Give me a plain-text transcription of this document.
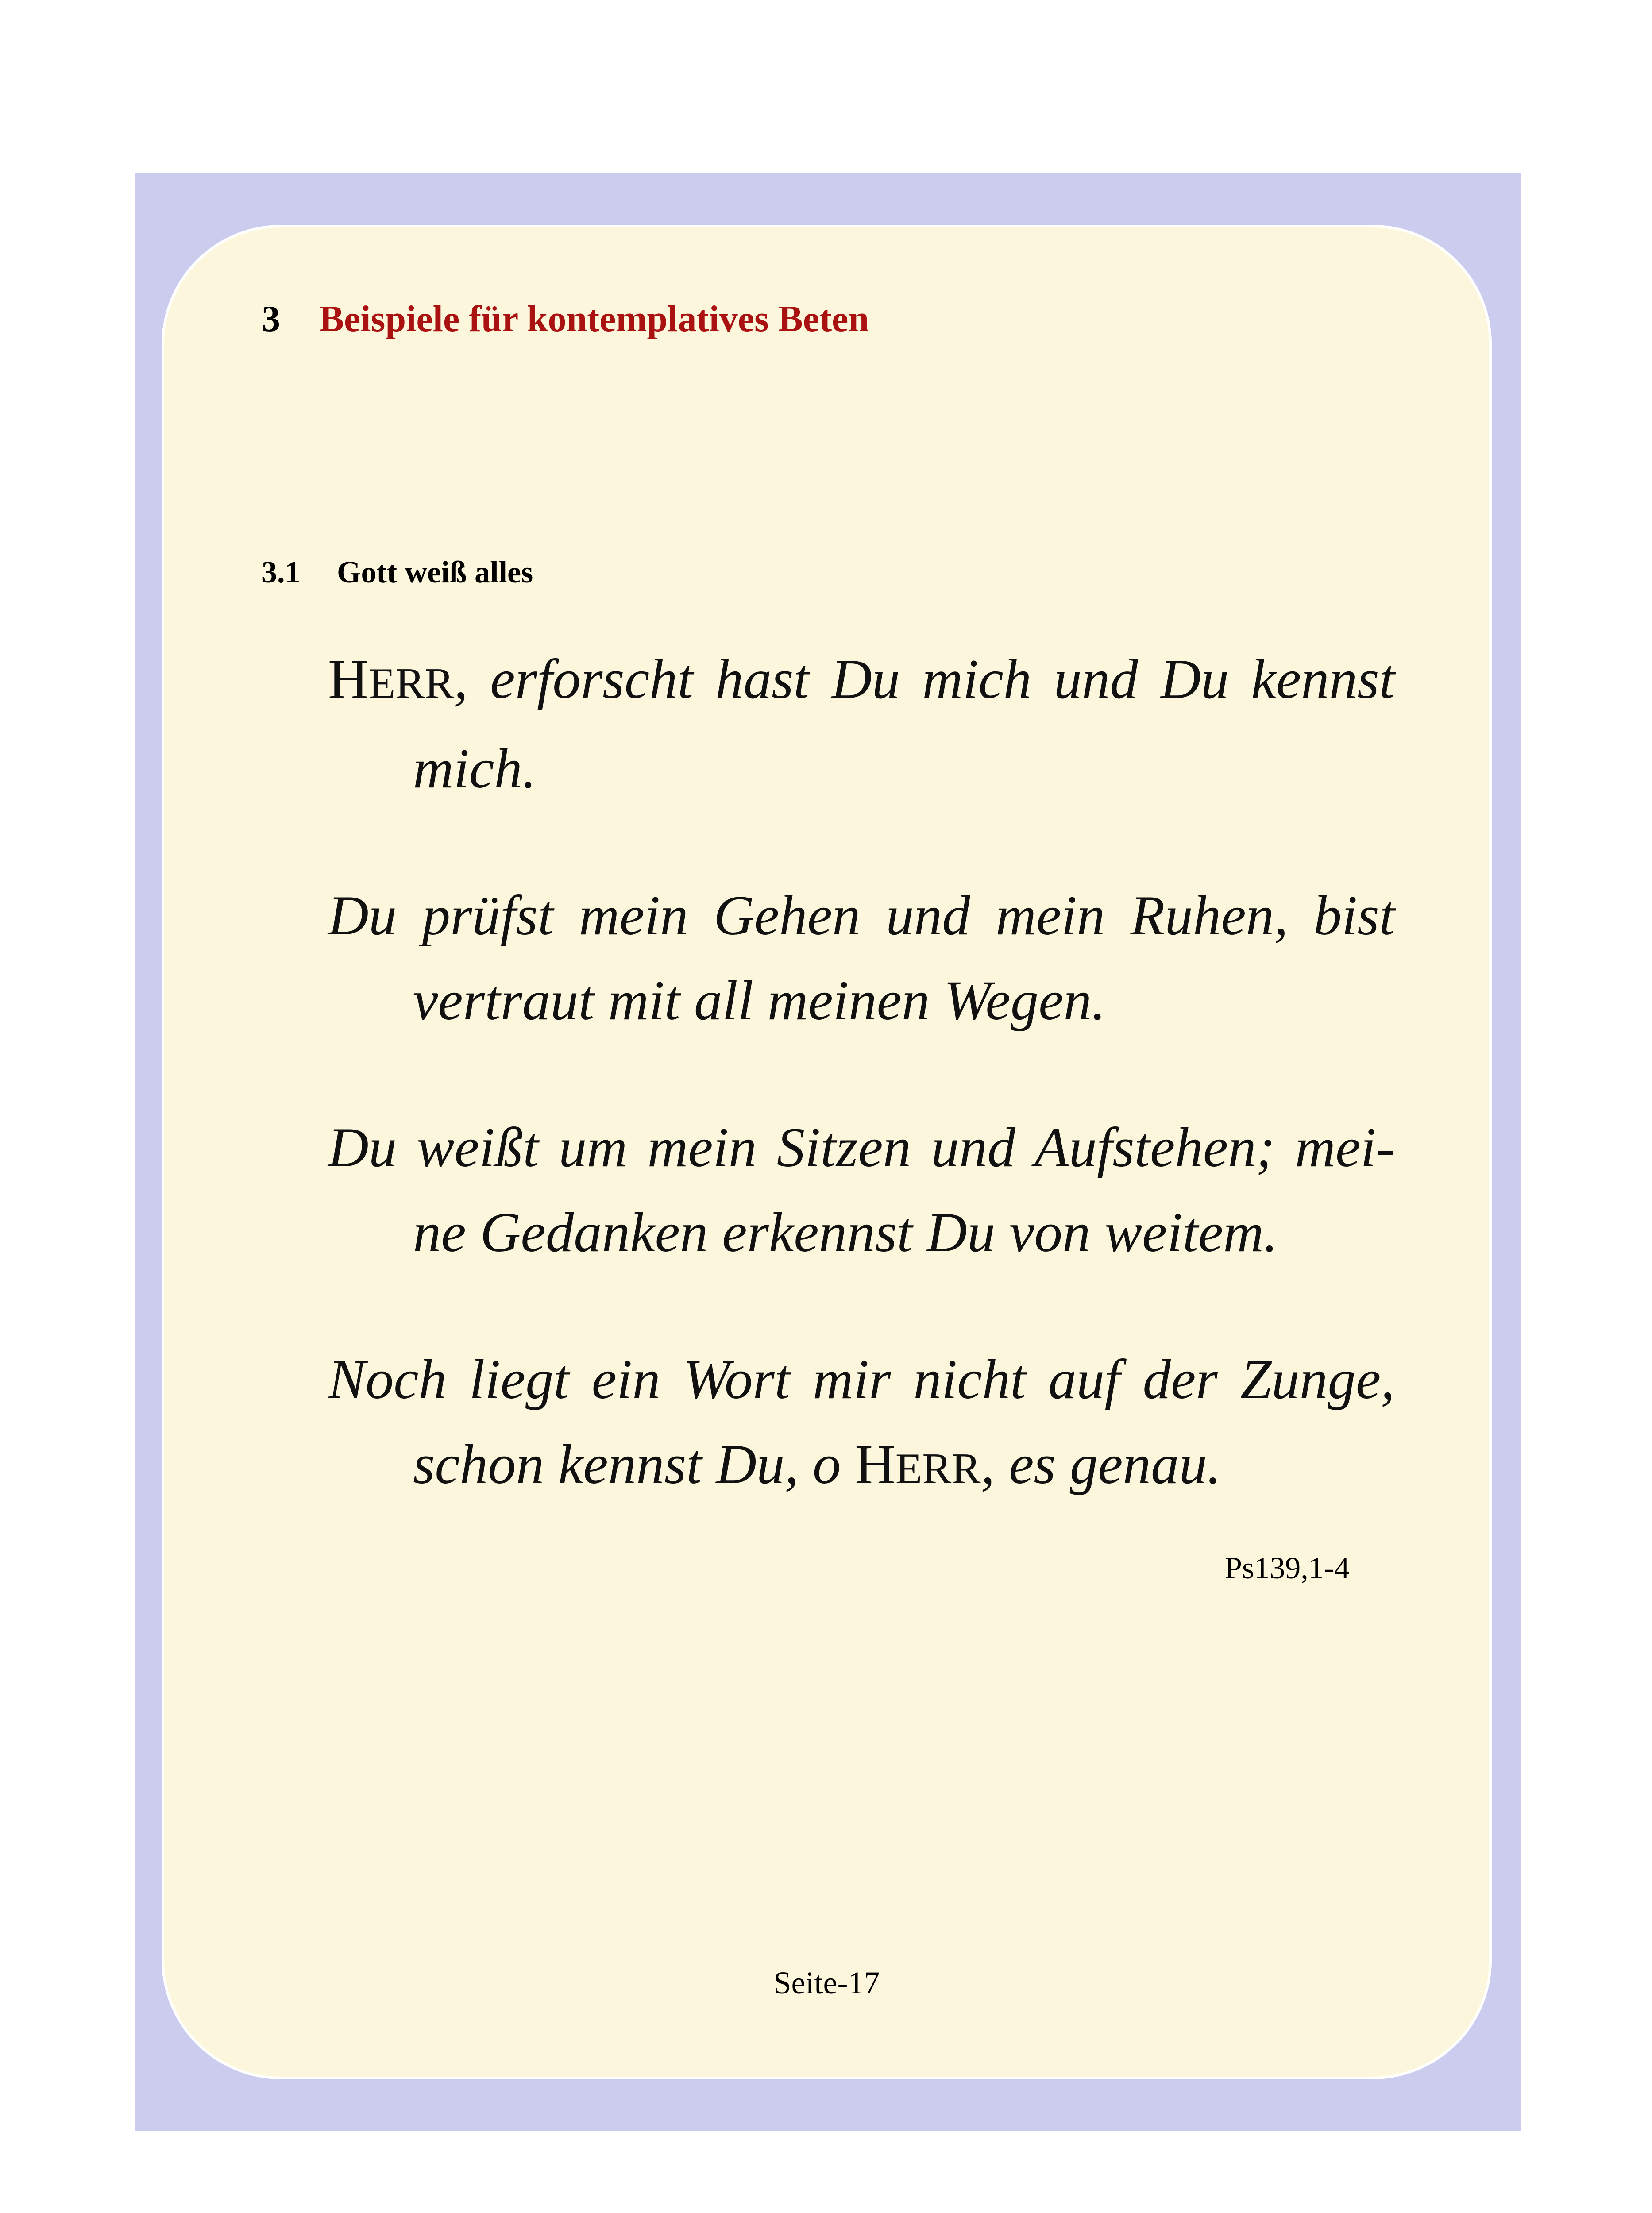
3 Beispiele für kontemplatives Beten
3.1 Gott weiß alles

HERR, erforscht hast Du mich und Du kennst mich.

Du prüfst mein Gehen und mein Ruhen, bist vertraut mit all meinen Wegen.

Du weißt um mein Sitzen und Aufstehen; mei-ne Gedanken erkennst Du von weitem.

Noch liegt ein Wort mir nicht auf der Zunge, schon kennst Du, o HERR, es genau.

Ps139,1-4
Seite-17
